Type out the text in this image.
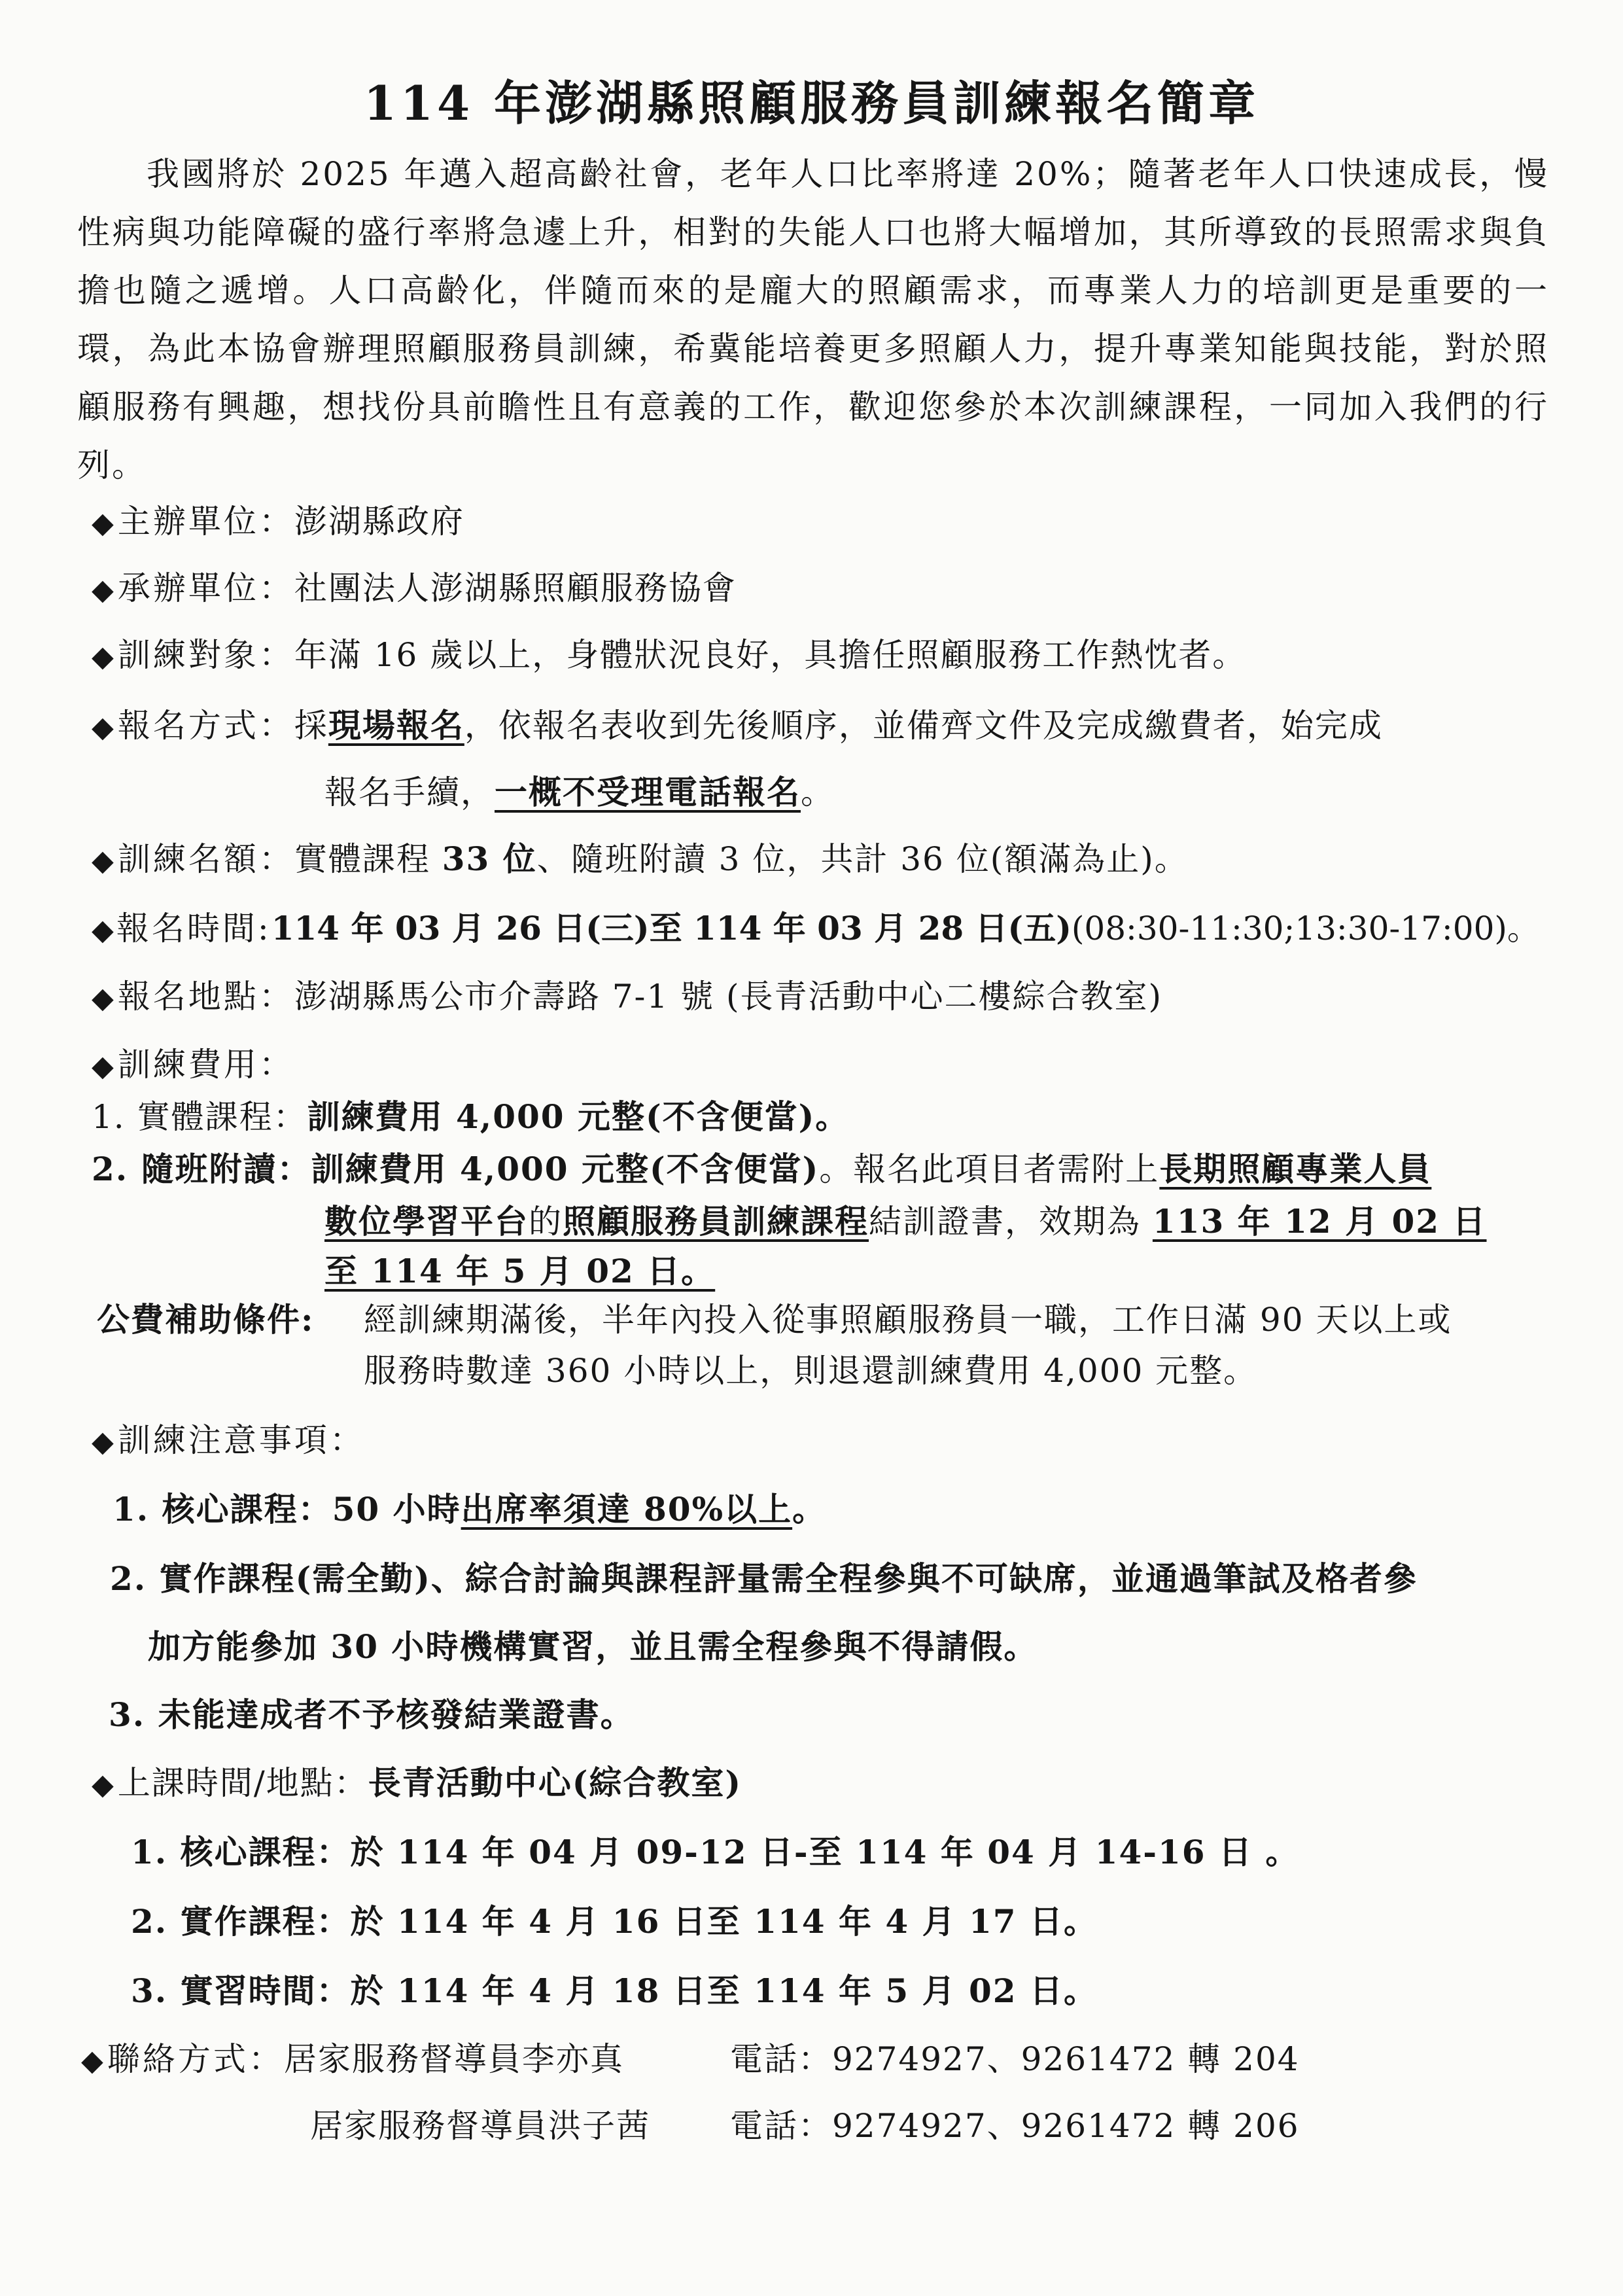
114 年澎湖縣照顧服務員訓練報名簡章
我國將於 2025 年邁入超高齡社會，老年人口比率將達 20%；隨著老年人口快速成長，慢性病與功能障礙的盛行率將急遽上升，相對的失能人口也將大幅增加，其所導致的長照需求與負擔也隨之遞增。人口高齡化，伴隨而來的是龐大的照顧需求，而專業人力的培訓更是重要的一環，為此本協會辦理照顧服務員訓練，希冀能培養更多照顧人力，提升專業知能與技能，對於照顧服務有興趣，想找份具前瞻性且有意義的工作，歡迎您參於本次訓練課程，一同加入我們的行列。
◆主辦單位：澎湖縣政府
◆承辦單位：社團法人澎湖縣照顧服務協會
◆訓練對象：年滿 16 歲以上，身體狀況良好，具擔任照顧服務工作熱忱者。
◆報名方式：採現場報名，依報名表收到先後順序，並備齊文件及完成繳費者，始完成
報名手續，一概不受理電話報名。
◆訓練名額：實體課程 33 位、隨班附讀 3 位，共計 36 位(額滿為止)。
◆報名時間:114 年 03 月 26 日(三)至 114 年 03 月 28 日(五)(08:30-11:30;13:30-17:00)。
◆報名地點：澎湖縣馬公市介壽路 7-1 號 (長青活動中心二樓綜合教室)
◆訓練費用：
1. 實體課程：訓練費用 4,000 元整(不含便當)。
2. 隨班附讀：訓練費用 4,000 元整(不含便當)。報名此項目者需附上長期照顧專業人員
數位學習平台的照顧服務員訓練課程結訓證書，效期為 113 年 12 月 02 日
至 114 年 5 月 02 日。
公費補助條件: 經訓練期滿後，半年內投入從事照顧服務員一職，工作日滿 90 天以上或
服務時數達 360 小時以上，則退還訓練費用 4,000 元整。
◆訓練注意事項：
1. 核心課程：50 小時出席率須達 80%以上。
2. 實作課程(需全勤)、綜合討論與課程評量需全程參與不可缺席，並通過筆試及格者參
加方能參加 30 小時機構實習，並且需全程參與不得請假。
3. 未能達成者不予核發結業證書。
◆上課時間/地點：長青活動中心(綜合教室)
1. 核心課程：於 114 年 04 月 09-12 日-至 114 年 04 月 14-16 日 。
2. 實作課程：於 114 年 4 月 16 日至 114 年 4 月 17 日。
3. 實習時間：於 114 年 4 月 18 日至 114 年 5 月 02 日。
◆聯絡方式：居家服務督導員李亦真	電話：9274927、9261472 轉 204
居家服務督導員洪子茜 電話：9274927、9261472 轉 206
